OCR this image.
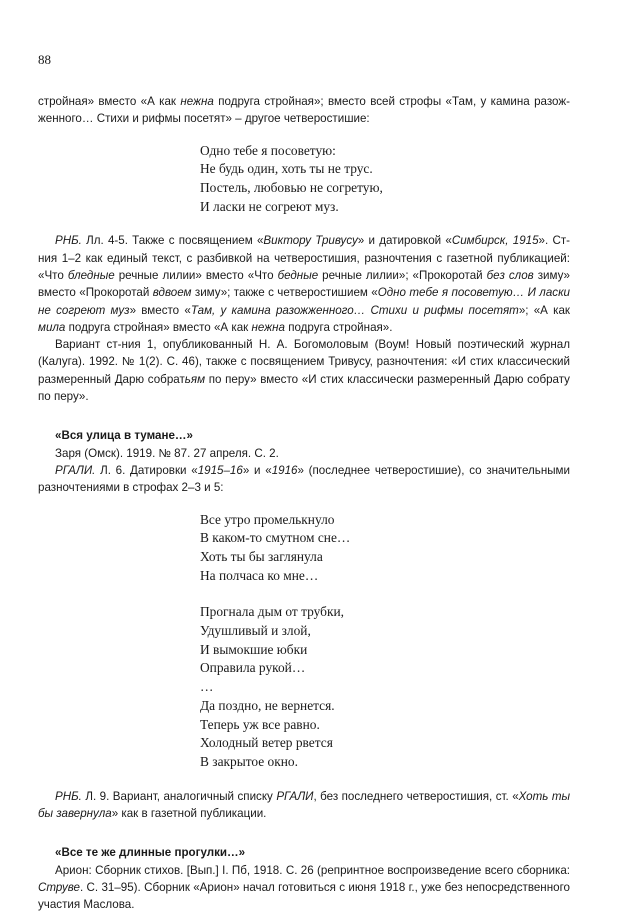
88

стройная» вместо «А как нежна подруга стройная»; вместо всей строфы «Там, у камина разож- женного… Стихи и рифмы посетят» – другое четверостишие:

Одно тебе я посоветую:
Не будь один, хоть ты не трус.
Постель, любовью не согретую,
И ласки не согреют муз.

РНБ. Лл. 4-5. Также с посвящением «Виктору Тривусу» и датировкой «Симбирск, 1915». Ст-ния 1–2 как единый текст, с разбивкой на четверостишия, разночтения с газетной публикацией: «Что бледные речные лилии» вместо «Что бедные речные лилии»; «Прокоротай без слов зиму» вместо «Прокоротай вдвоем зиму»; также с четверостишием «Одно тебе я посоветую… И ласки не согреют муз» вместо «Там, у камина разожженного… Стихи и рифмы посетят»; «А как мила подруга стройная» вместо «А как нежна подруга стройная».

Вариант ст-ния 1, опубликованный Н. А. Богомоловым (Воум! Новый поэтический журнал (Калуга). 1992. № 1(2). С. 46), также с посвящением Тривусу, разночтения: «И стих классический размеренный Дарю собратьям по перу» вместо «И стих классически размеренный Дарю собрату по перу».

«Вся улица в тумане…»

Заря (Омск). 1919. № 87. 27 апреля. С. 2.

РГАЛИ. Л. 6. Датировки «1915–16» и «1916» (последнее четверостишие), со значительными разночтениями в строфах 2–3 и 5:

Все утро промелькнуло
В каком-то смутном сне…
Хоть ты бы заглянула
На полчаса ко мне…
Прогнала дым от трубки,
Удушливый и злой,
И вымокшие юбки
Оправила рукой…
…
Да поздно, не вернется.
Теперь уж все равно.
Холодный ветер рвется
В закрытое окно.

РНБ. Л. 9. Вариант, аналогичный списку РГАЛИ, без последнего четверостишия, ст. «Хоть ты бы завернула» как в газетной публикации.

«Все те же длинные прогулки…»

Арион: Сборник стихов. [Вып.] I. Пб, 1918. С. 26 (репринтное воспроизведение всего сборника: Струве. С. 31–95). Сборник «Арион» начал готовиться с июня 1918 г., уже без непосредственного участия Маслова.
